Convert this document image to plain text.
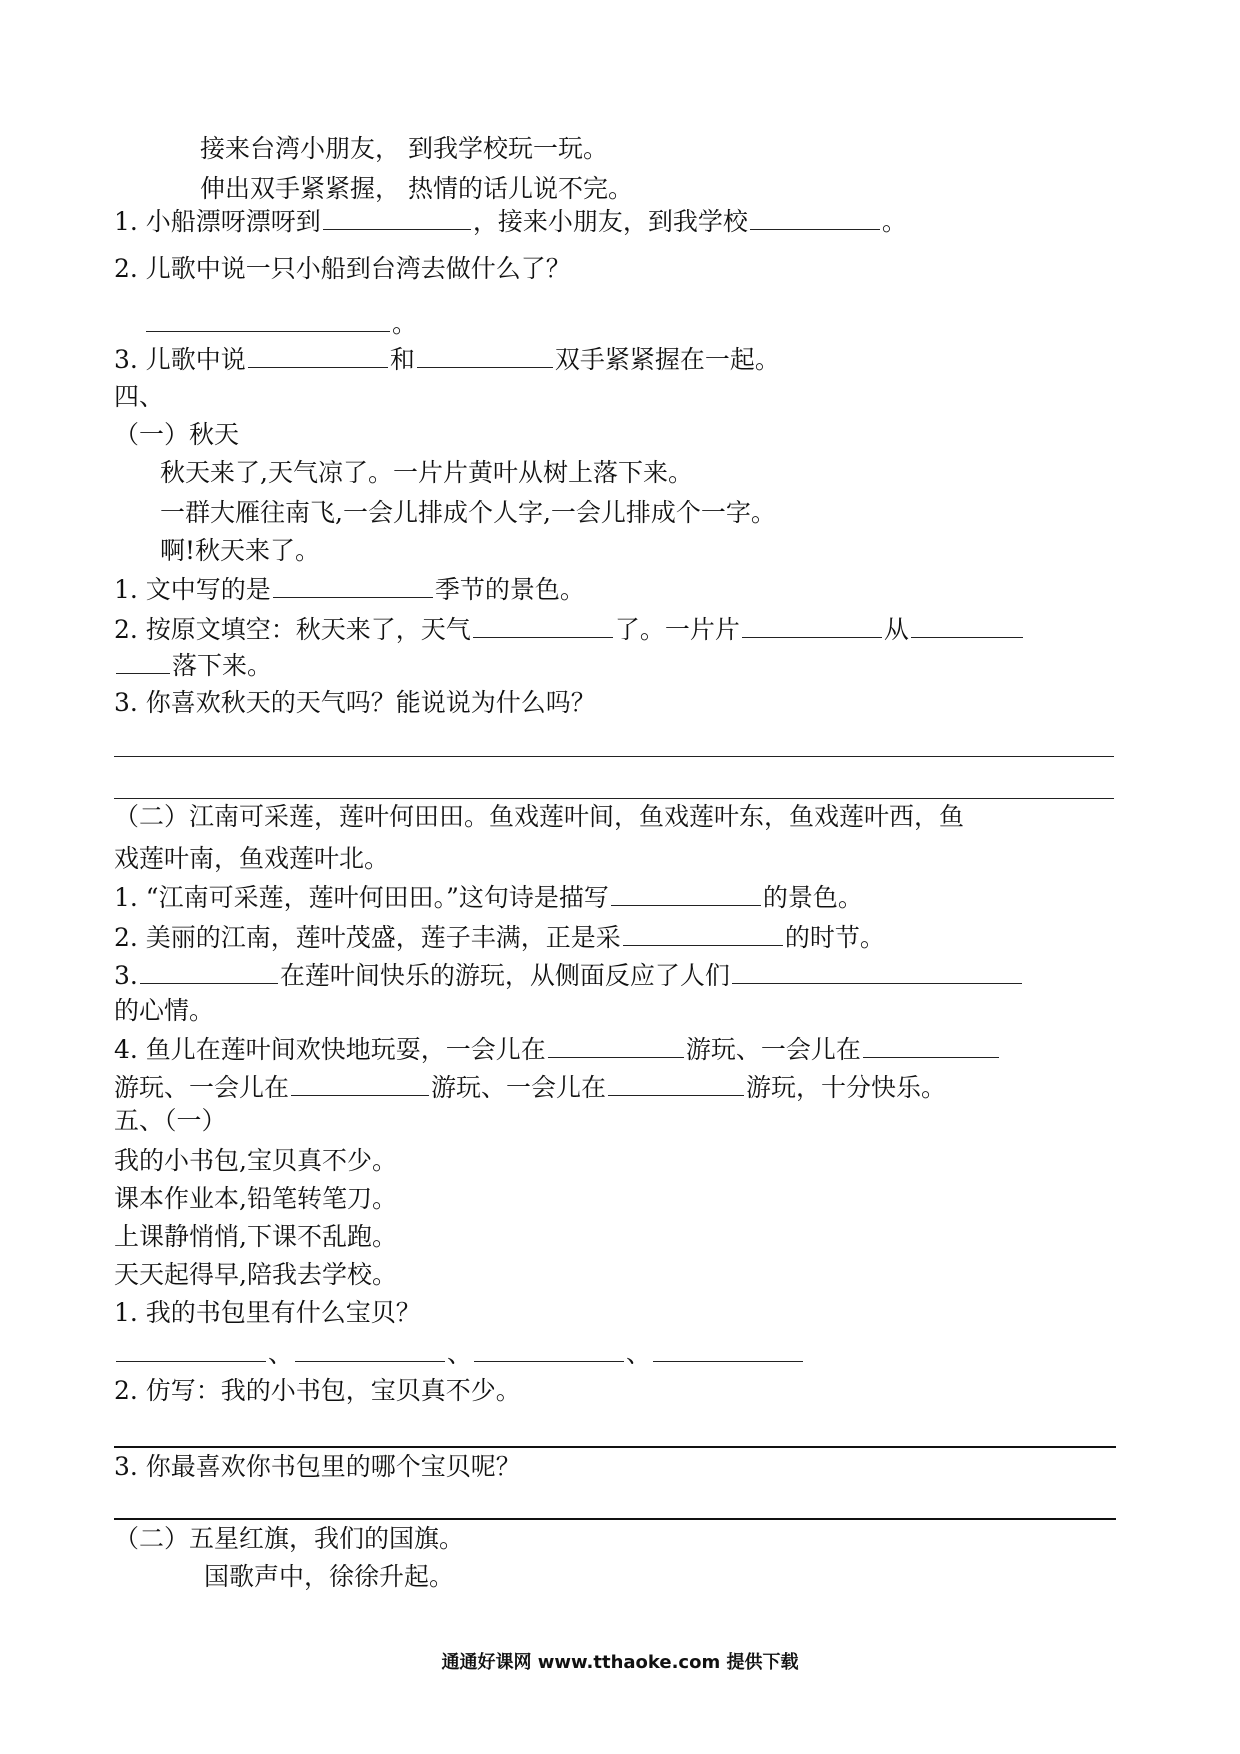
接来台湾小朋友， 到我学校玩一玩。
伸出双手紧紧握， 热情的话儿说不完。
1. 小船漂呀漂呀到	，接来小朋友，到我学校	。
2. 儿歌中说一只小船到台湾去做什么了？
。
3. 儿歌中说	和	双手紧紧握在一起。
四、
（一）秋天
秋天来了,天气凉了。一片片黄叶从树上落下来。
一群大雁往南飞,一会儿排成个人字,一会儿排成个一字。
啊!秋天来了。
1. 文中写的是	季节的景色。
2. 按原文填空：秋天来了，天气	了。一片片	从
落下来。
3. 你喜欢秋天的天气吗？能说说为什么吗？
（二）江南可采莲，莲叶何田田。鱼戏莲叶间，鱼戏莲叶东，鱼戏莲叶西，鱼
戏莲叶南，鱼戏莲叶北。
1. “江南可采莲，莲叶何田田。”这句诗是描写	的景色。
2. 美丽的江南，莲叶茂盛，莲子丰满，正是采	的时节。
3.	在莲叶间快乐的游玩，从侧面反应了人们
的心情。
4. 鱼儿在莲叶间欢快地玩耍，一会儿在	游玩、一会儿在
游玩、一会儿在	游玩、一会儿在	游玩，十分快乐。
五、（一）
我的小书包,宝贝真不少。
课本作业本,铅笔转笔刀。
上课静悄悄,下课不乱跑。
天天起得早,陪我去学校。
1. 我的书包里有什么宝贝？
、	、	、
2. 仿写：我的小书包，宝贝真不少。
3. 你最喜欢你书包里的哪个宝贝呢？
（二）五星红旗，我们的国旗。
国歌声中，徐徐升起。
通通好课网 www.tthaoke.com 提供下载
